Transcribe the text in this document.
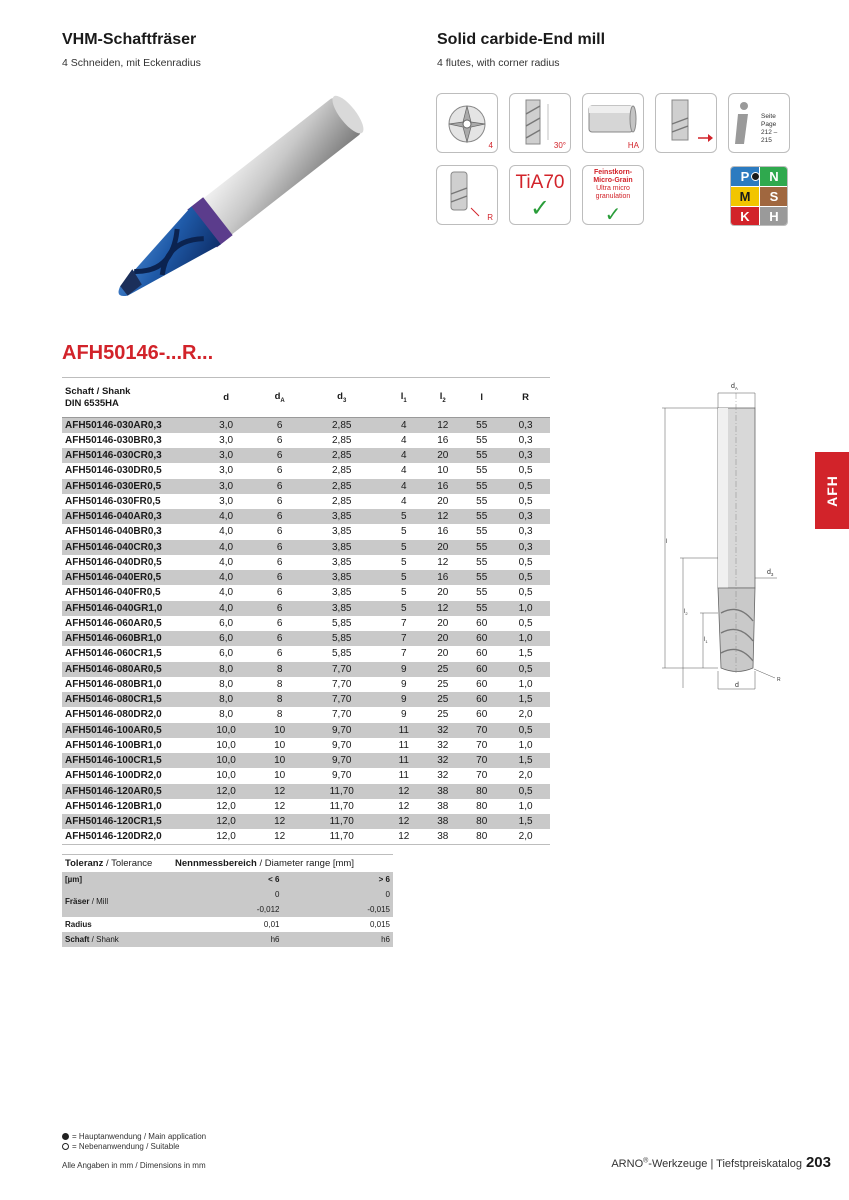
VHM-Schaftfräser
4 Schneiden, mit Eckenradius
Solid carbide-End mill
4 flutes, with corner radius
4	30°	HA
Seite Page
212 – 215
R
TiA70
✓
Feinstkorn-
Micro-Grain
Ultra micro
granulation
✓
P	N
M	S
K	H
AFH50146-...R...
Schaft / Shank
DIN 6535HA	d	$d_A$	$d_3$	$l_1$	$l_2$	l	R
AFH50146-030AR0,3	3,0	6	2,85	4	12	55	0,3
AFH50146-030BR0,3	3,0	6	2,85	4	16	55	0,3
AFH50146-030CR0,3	3,0	6	2,85	4	20	55	0,3
AFH50146-030DR0,5	3,0	6	2,85	4	10	55	0,5
AFH50146-030ER0,5	3,0	6	2,85	4	16	55	0,5
AFH50146-030FR0,5	3,0	6	2,85	4	20	55	0,5
AFH50146-040AR0,3	4,0	6	3,85	5	12	55	0,3
AFH50146-040BR0,3	4,0	6	3,85	5	16	55	0,3
AFH50146-040CR0,3	4,0	6	3,85	5	20	55	0,3
AFH50146-040DR0,5	4,0	6	3,85	5	12	55	0,5
AFH50146-040ER0,5	4,0	6	3,85	5	16	55	0,5
AFH50146-040FR0,5	4,0	6	3,85	5	20	55	0,5
AFH50146-040GR1,0	4,0	6	3,85	5	12	55	1,0
AFH50146-060AR0,5	6,0	6	5,85	7	20	60	0,5
AFH50146-060BR1,0	6,0	6	5,85	7	20	60	1,0
AFH50146-060CR1,5	6,0	6	5,85	7	20	60	1,5
AFH50146-080AR0,5	8,0	8	7,70	9	25	60	0,5
AFH50146-080BR1,0	8,0	8	7,70	9	25	60	1,0
AFH50146-080CR1,5	8,0	8	7,70	9	25	60	1,5
AFH50146-080DR2,0	8,0	8	7,70	9	25	60	2,0
AFH50146-100AR0,5	10,0	10	9,70	11	32	70	0,5
AFH50146-100BR1,0	10,0	10	9,70	11	32	70	1,0
AFH50146-100CR1,5	10,0	10	9,70	11	32	70	1,5
AFH50146-100DR2,0	10,0	10	9,70	11	32	70	2,0
AFH50146-120AR0,5	12,0	12	11,70	12	38	80	0,5
AFH50146-120BR1,0	12,0	12	11,70	12	38	80	1,0
AFH50146-120CR1,5	12,0	12	11,70	12	38	80	1,5
AFH50146-120DR2,0	12,0	12	11,70	12	38	80	2,0
Toleranz / Tolerance	Nennmessbereich / Diameter range [mm]	
[µm]	< 6	> 6
Fräser / Mill	0	0
	-0,012	-0,015
Radius	0,01	0,015
Schaft / Shank	h6	h6
$d_A$
l
$l_2$
$l_1$
$d_3$
d
R
AFH
= Hauptanwendung / Main application
= Nebenanwendung / Suitable
Alle Angaben in mm / Dimensions in mm	ARNO®-Werkzeuge | Tiefstpreiskatalog 203
